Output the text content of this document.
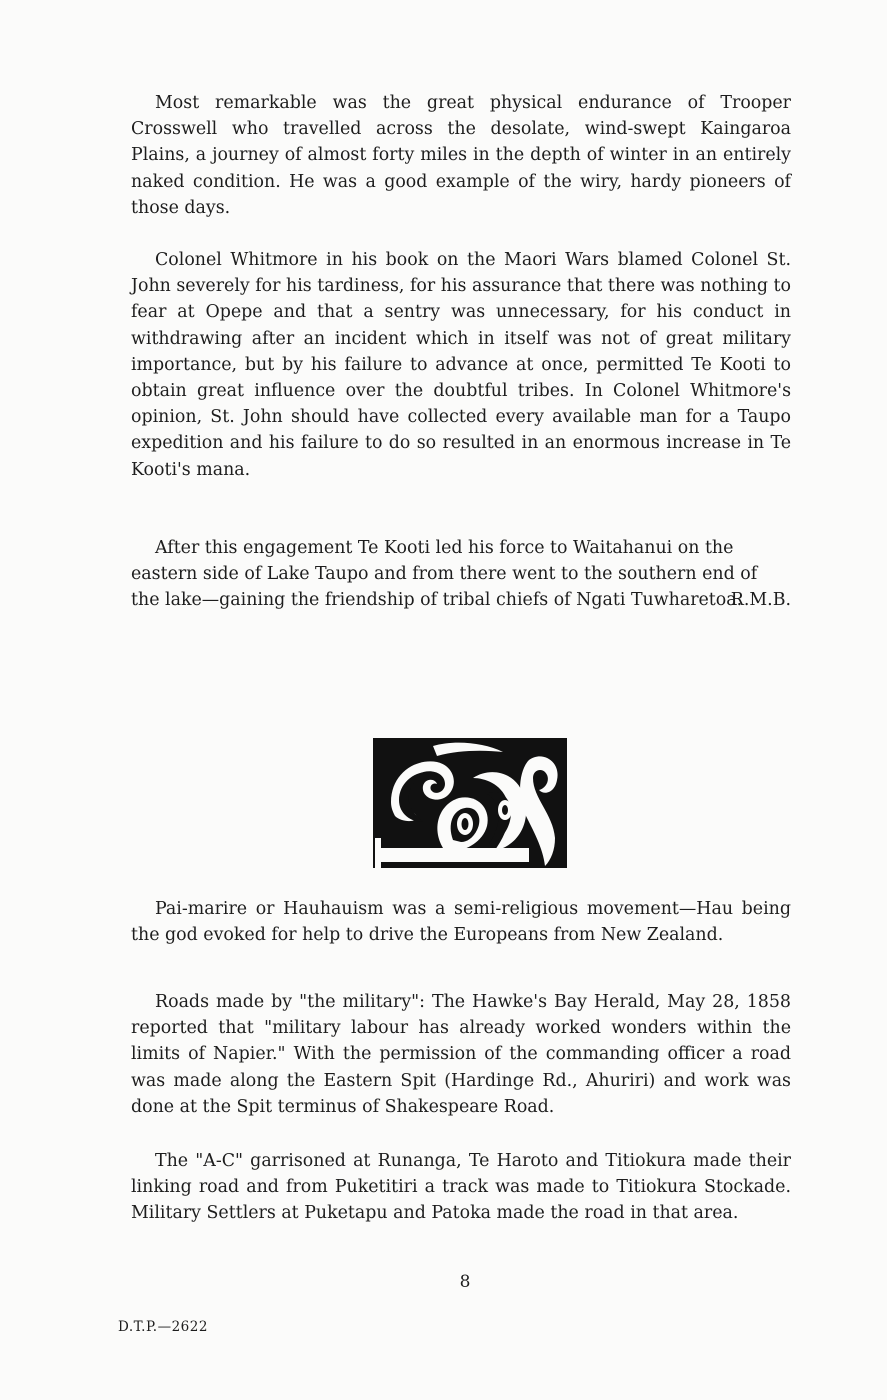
Most remarkable was the great physical endurance of Trooper Crosswell who travelled across the desolate, wind-swept Kaingaroa Plains, a journey of almost forty miles in the depth of winter in an entirely naked condition. He was a good example of the wiry, hardy pioneers of those days.

Colonel Whitmore in his book on the Maori Wars blamed Colonel St. John severely for his tardiness, for his assurance that there was nothing to fear at Opepe and that a sentry was unnecessary, for his conduct in withdrawing after an incident which in itself was not of great military importance, but by his failure to advance at once, permitted Te Kooti to obtain great influence over the doubtful tribes. In Colonel Whitmore's opinion, St. John should have collected every available man for a Taupo expedition and his failure to do so resulted in an enormous increase in Te Kooti's mana.

After this engagement Te Kooti led his force to Waitahanui on the eastern side of Lake Taupo and from there went to the southern end of the lake—gaining the friendship of tribal chiefs of Ngati Tuwharetoa.
R.M.B.

Pai-marire or Hauhauism was a semi-religious movement—Hau being the god evoked for help to drive the Europeans from New Zealand.

Roads made by "the military": The Hawke's Bay Herald, May 28, 1858 reported that "military labour has already worked wonders within the limits of Napier." With the permission of the commanding officer a road was made along the Eastern Spit (Hardinge Rd., Ahuriri) and work was done at the Spit terminus of Shakespeare Road.

The "A-C" garrisoned at Runanga, Te Haroto and Titiokura made their linking road and from Puketitiri a track was made to Titiokura Stockade. Military Settlers at Puketapu and Patoka made the road in that area.

8
D.T.P.—2622
